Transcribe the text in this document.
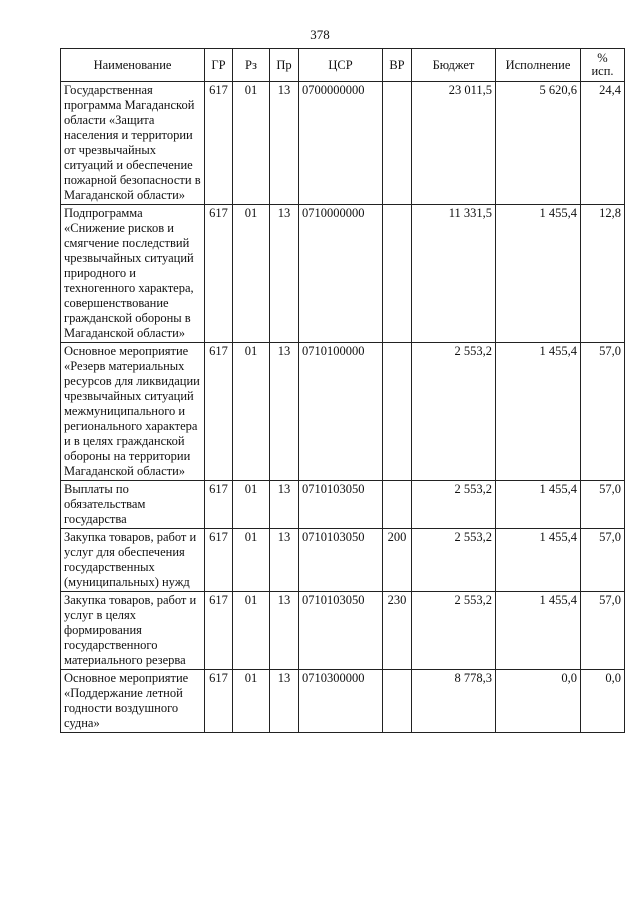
378
Наименование	ГР	Рз	Пр	ЦСР	ВР	Бюджет	Исполнение	%
исп.

Государственная программа Магаданской области «Защита населения и территории от чрезвычайных ситуаций и обеспечение пожарной безопасности в Магаданской области»	617	01	13	0700000000		23 011,5	5 620,6	24,4
Подпрограмма «Снижение рисков и смягчение последствий чрезвычайных ситуаций природного и техногенного характера, совершенствование гражданской обороны в Магаданской области»	617	01	13	0710000000		11 331,5	1 455,4	12,8
Основное мероприятие «Резерв материальных ресурсов для ликвидации чрезвычайных ситуаций межмуниципального и регионального характера и в целях гражданской обороны на территории Магаданской области»	617	01	13	0710100000		2 553,2	1 455,4	57,0
Выплаты по обязательствам государства	617	01	13	0710103050		2 553,2	1 455,4	57,0
Закупка товаров, работ и услуг для обеспечения государственных (муниципальных) нужд	617	01	13	0710103050	200	2 553,2	1 455,4	57,0
Закупка товаров, работ и услуг в целях формирования государственного материального резерва	617	01	13	0710103050	230	2 553,2	1 455,4	57,0
Основное мероприятие «Поддержание летной годности воздушного судна»	617	01	13	0710300000		8 778,3	0,0	0,0
